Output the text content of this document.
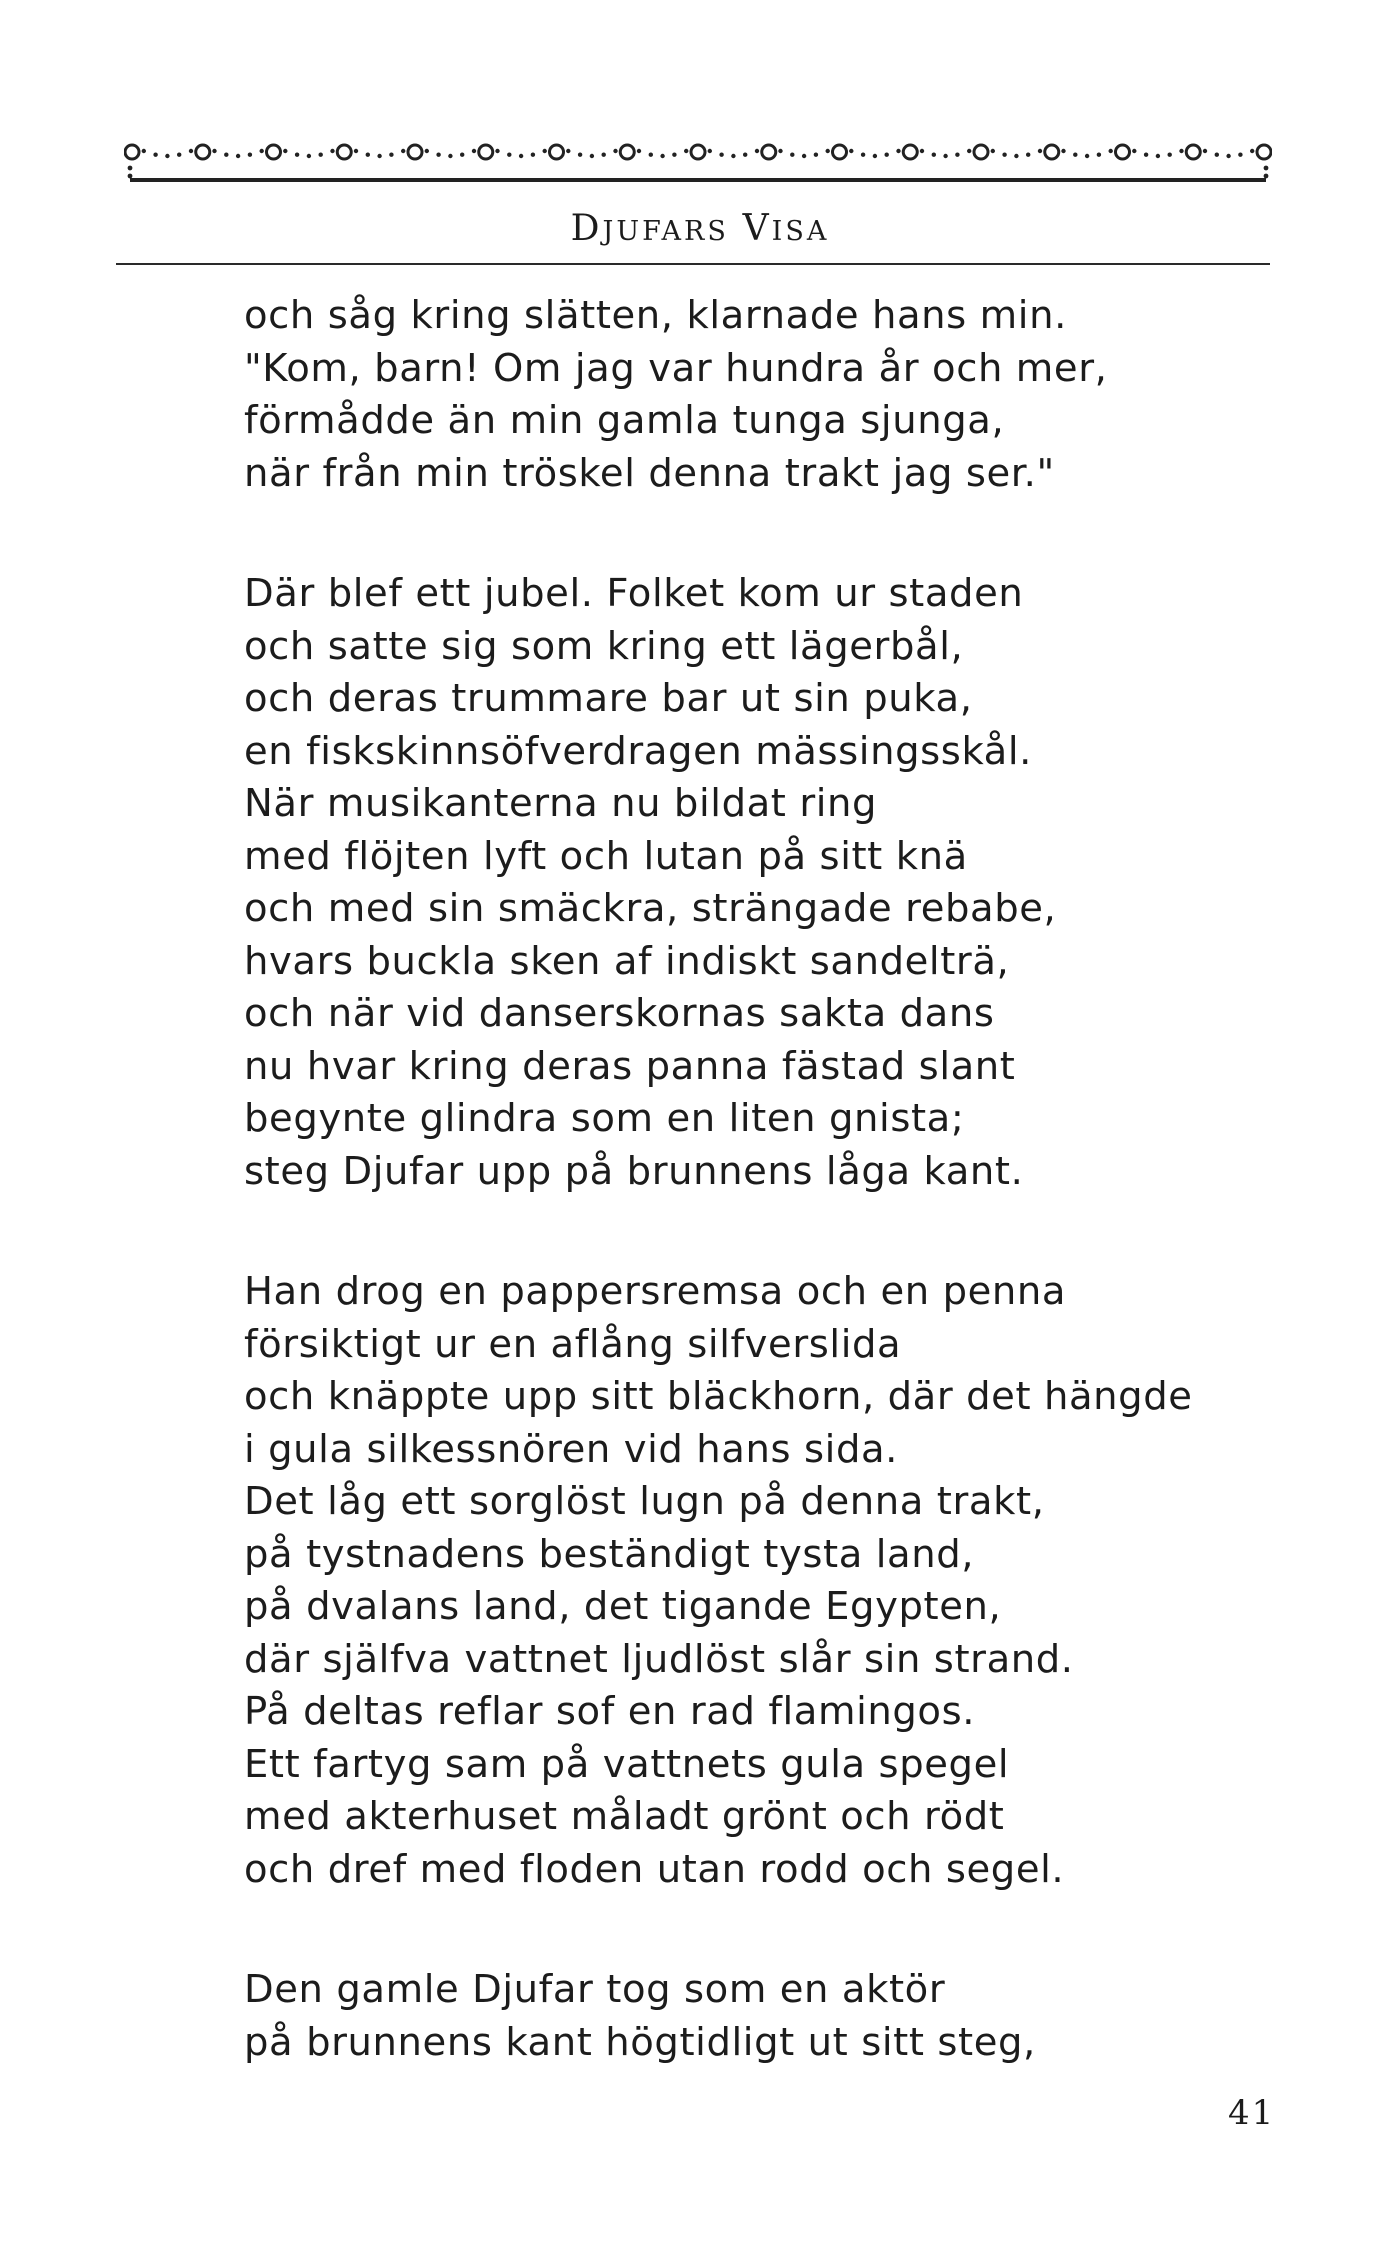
DJUFARS VISA
och såg kring slätten, klarnade hans min.
"Kom, barn! Om jag var hundra år och mer,
förmådde än min gamla tunga sjunga,
när från min tröskel denna trakt jag ser."
Där blef ett jubel. Folket kom ur staden
och satte sig som kring ett lägerbål,
och deras trummare bar ut sin puka,
en fiskskinnsöfverdragen mässingsskål.
När musikanterna nu bildat ring
med flöjten lyft och lutan på sitt knä
och med sin smäckra, strängade rebabe,
hvars buckla sken af indiskt sandelträ,
och när vid danserskornas sakta dans
nu hvar kring deras panna fästad slant
begynte glindra som en liten gnista;
steg Djufar upp på brunnens låga kant.
Han drog en pappersremsa och en penna
försiktigt ur en aflång silfverslida
och knäppte upp sitt bläckhorn, där det hängde
i gula silkessnören vid hans sida.
Det låg ett sorglöst lugn på denna trakt,
på tystnadens beständigt tysta land,
på dvalans land, det tigande Egypten,
där själfva vattnet ljudlöst slår sin strand.
På deltas reflar sof en rad flamingos.
Ett fartyg sam på vattnets gula spegel
med akterhuset måladt grönt och rödt
och dref med floden utan rodd och segel.
Den gamle Djufar tog som en aktör
på brunnens kant högtidligt ut sitt steg,
41
